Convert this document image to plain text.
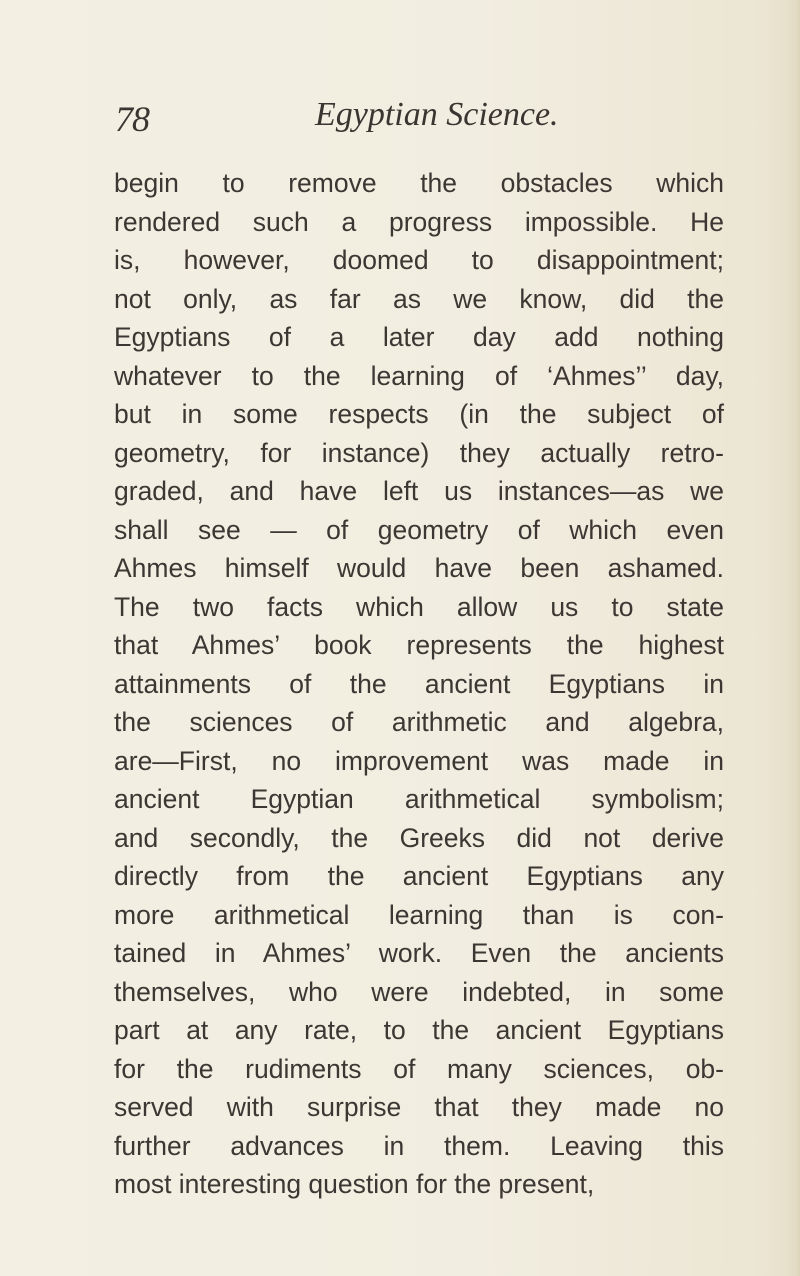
78	Egyptian Science.
begin to remove the obstacles which
rendered such a progress impossible. He
is, however, doomed to disappointment;
not only, as far as we know, did the
Egyptians of a later day add nothing
whatever to the learning of ‘Ahmes’’ day,
but in some respects (in the subject of
geometry, for instance) they actually retro-
graded, and have left us instances—as we
shall see — of geometry of which even
Ahmes himself would have been ashamed.
The two facts which allow us to state
that Ahmes’ book represents the highest
attainments of the ancient Egyptians in
the sciences of arithmetic and algebra,
are—First, no improvement was made in
ancient Egyptian arithmetical symbolism;
and secondly, the Greeks did not derive
directly from the ancient Egyptians any
more arithmetical learning than is con-
tained in Ahmes’ work. Even the ancients
themselves, who were indebted, in some
part at any rate, to the ancient Egyptians
for the rudiments of many sciences, ob-
served with surprise that they made no
further advances in them. Leaving this
most interesting question for the present,
